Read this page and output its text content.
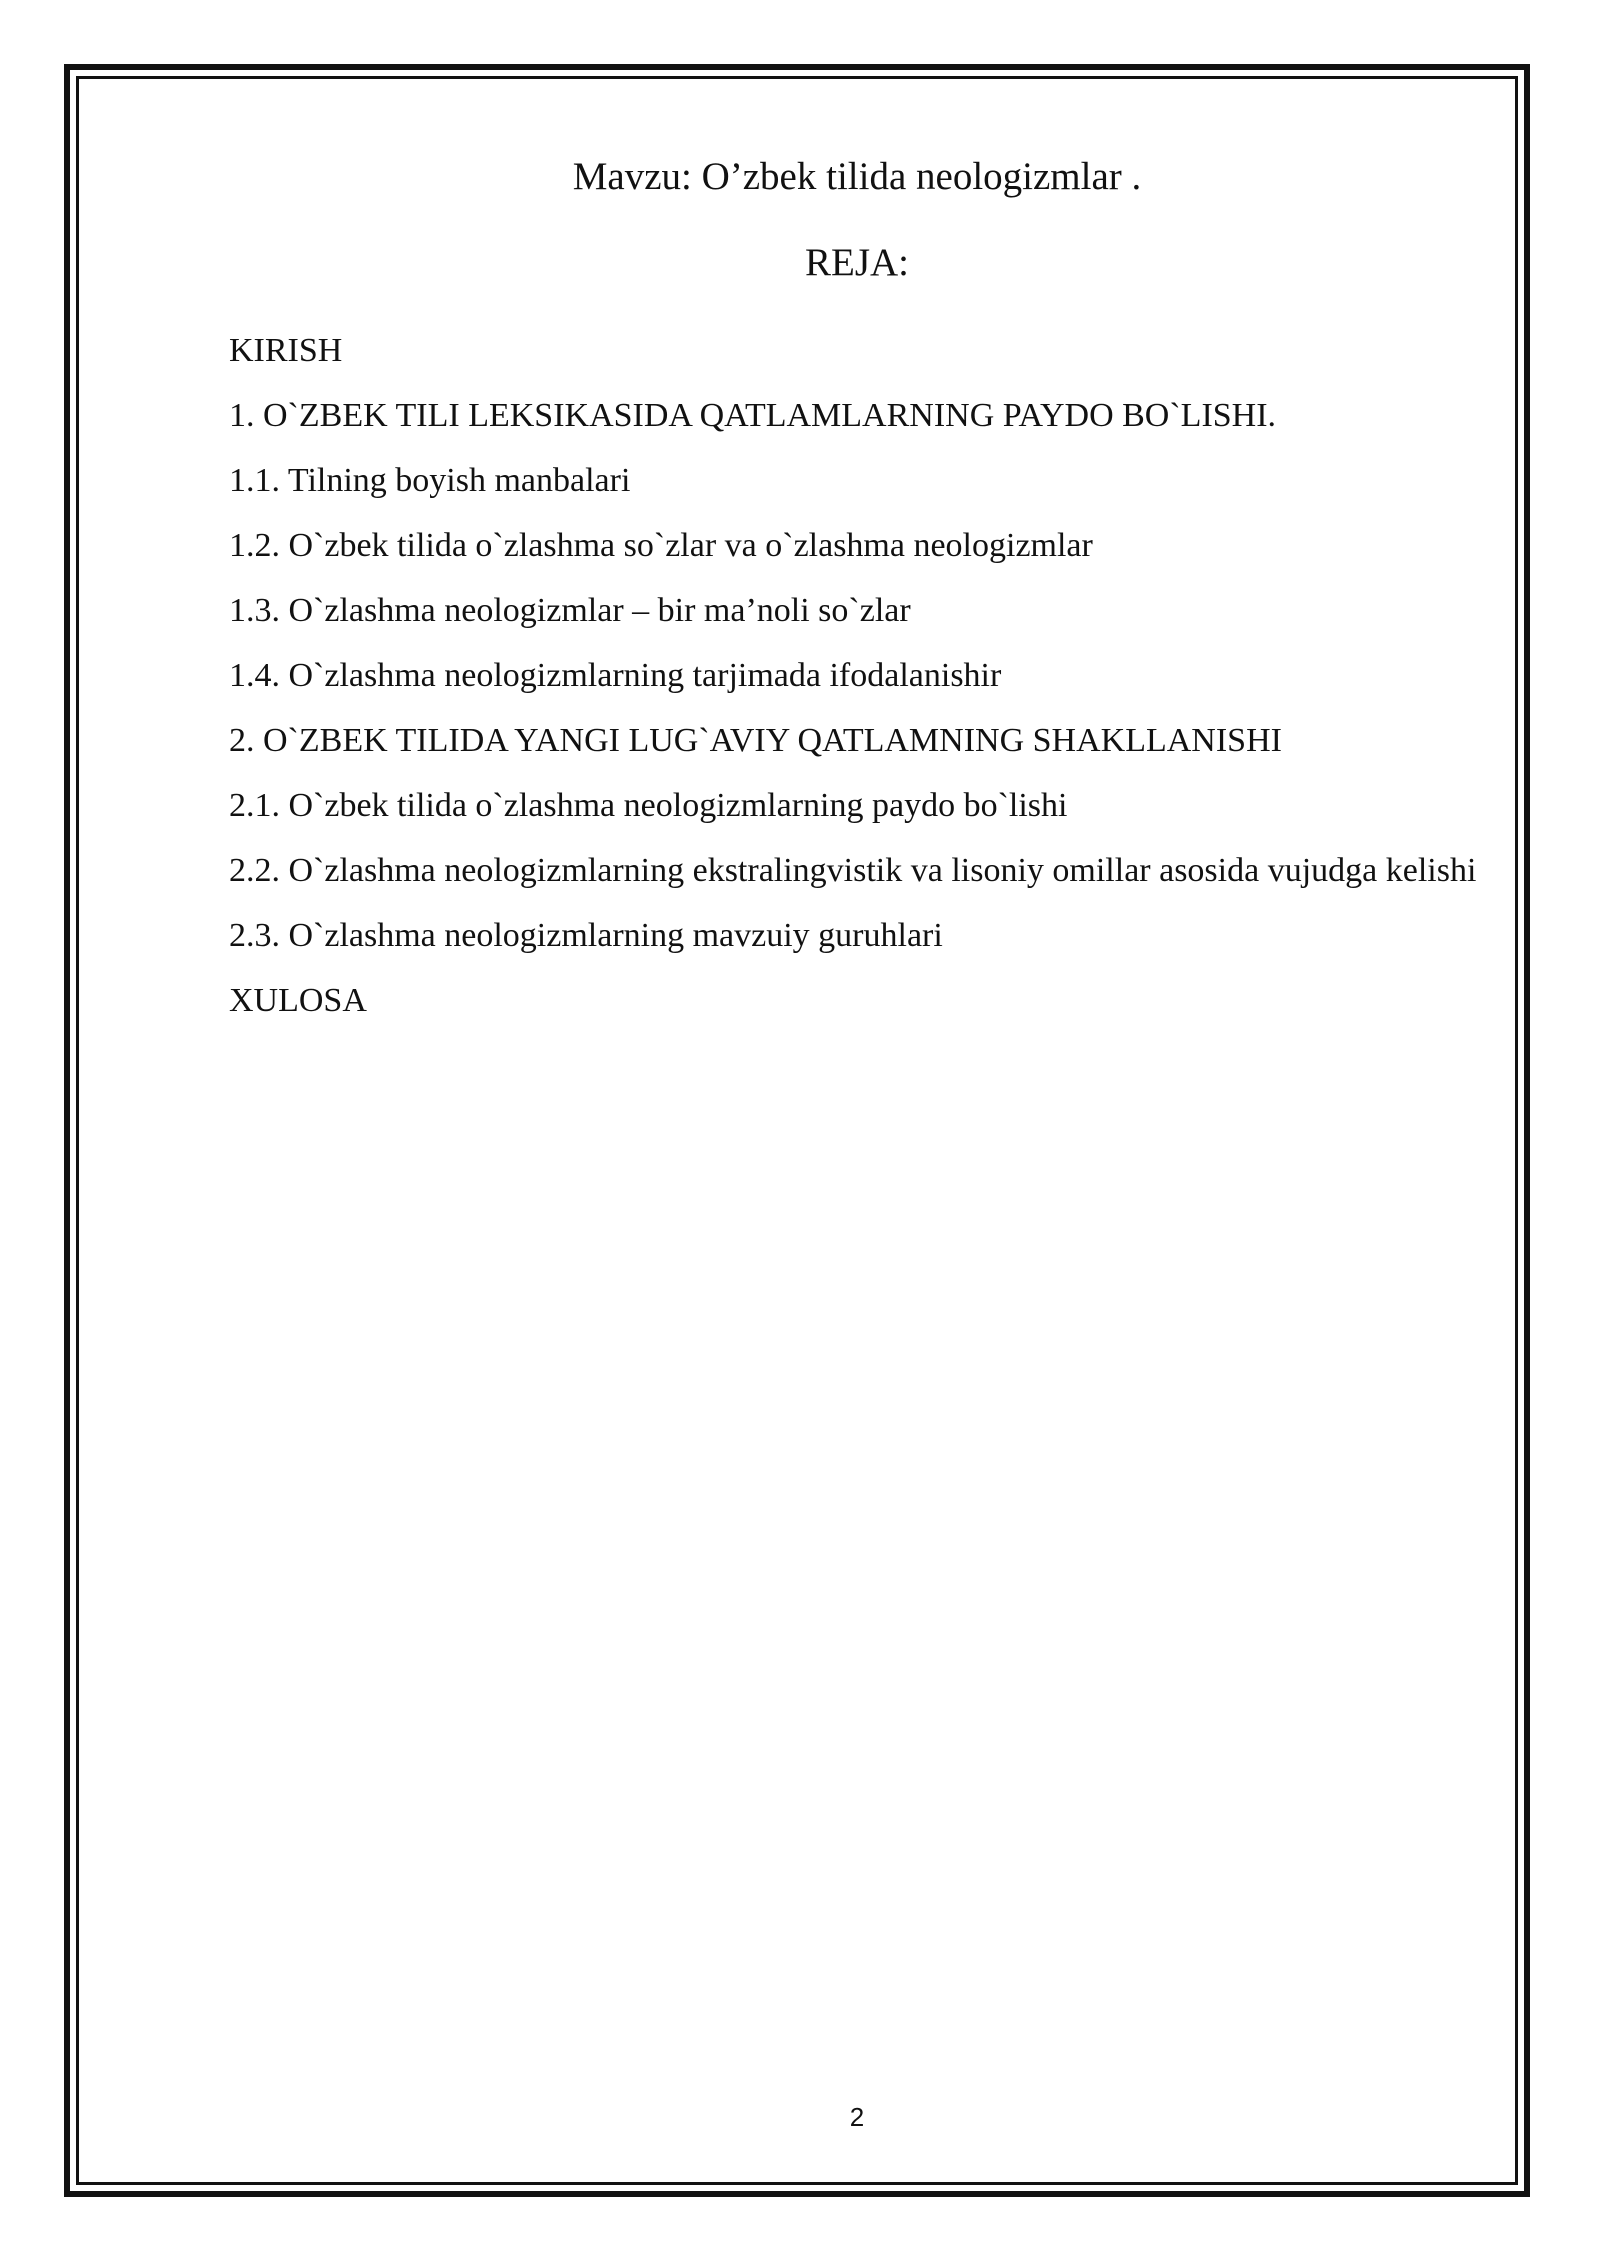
Mavzu: O’zbek tilida neologizmlar .
REJA:
KIRISH
1. O`ZBEK TILI LEKSIKASIDA QATLAMLARNING PAYDO BO`LISHI.
1.1. Tilning boyish manbalari
1.2. O`zbek tilida o`zlashma so`zlar va o`zlashma neologizmlar
1.3. O`zlashma neologizmlar – bir ma’noli so`zlar
1.4. O`zlashma neologizmlarning tarjimada ifodalanishir
2. O`ZBEK TILIDA YANGI LUG`AVIY QATLAMNING SHAKLLANISHI
2.1. O`zbek tilida o`zlashma neologizmlarning paydo bo`lishi
2.2. O`zlashma neologizmlarning ekstralingvistik va lisoniy omillar asosida vujudga kelishi
2.3. O`zlashma neologizmlarning mavzuiy guruhlari
XULOSA
2
